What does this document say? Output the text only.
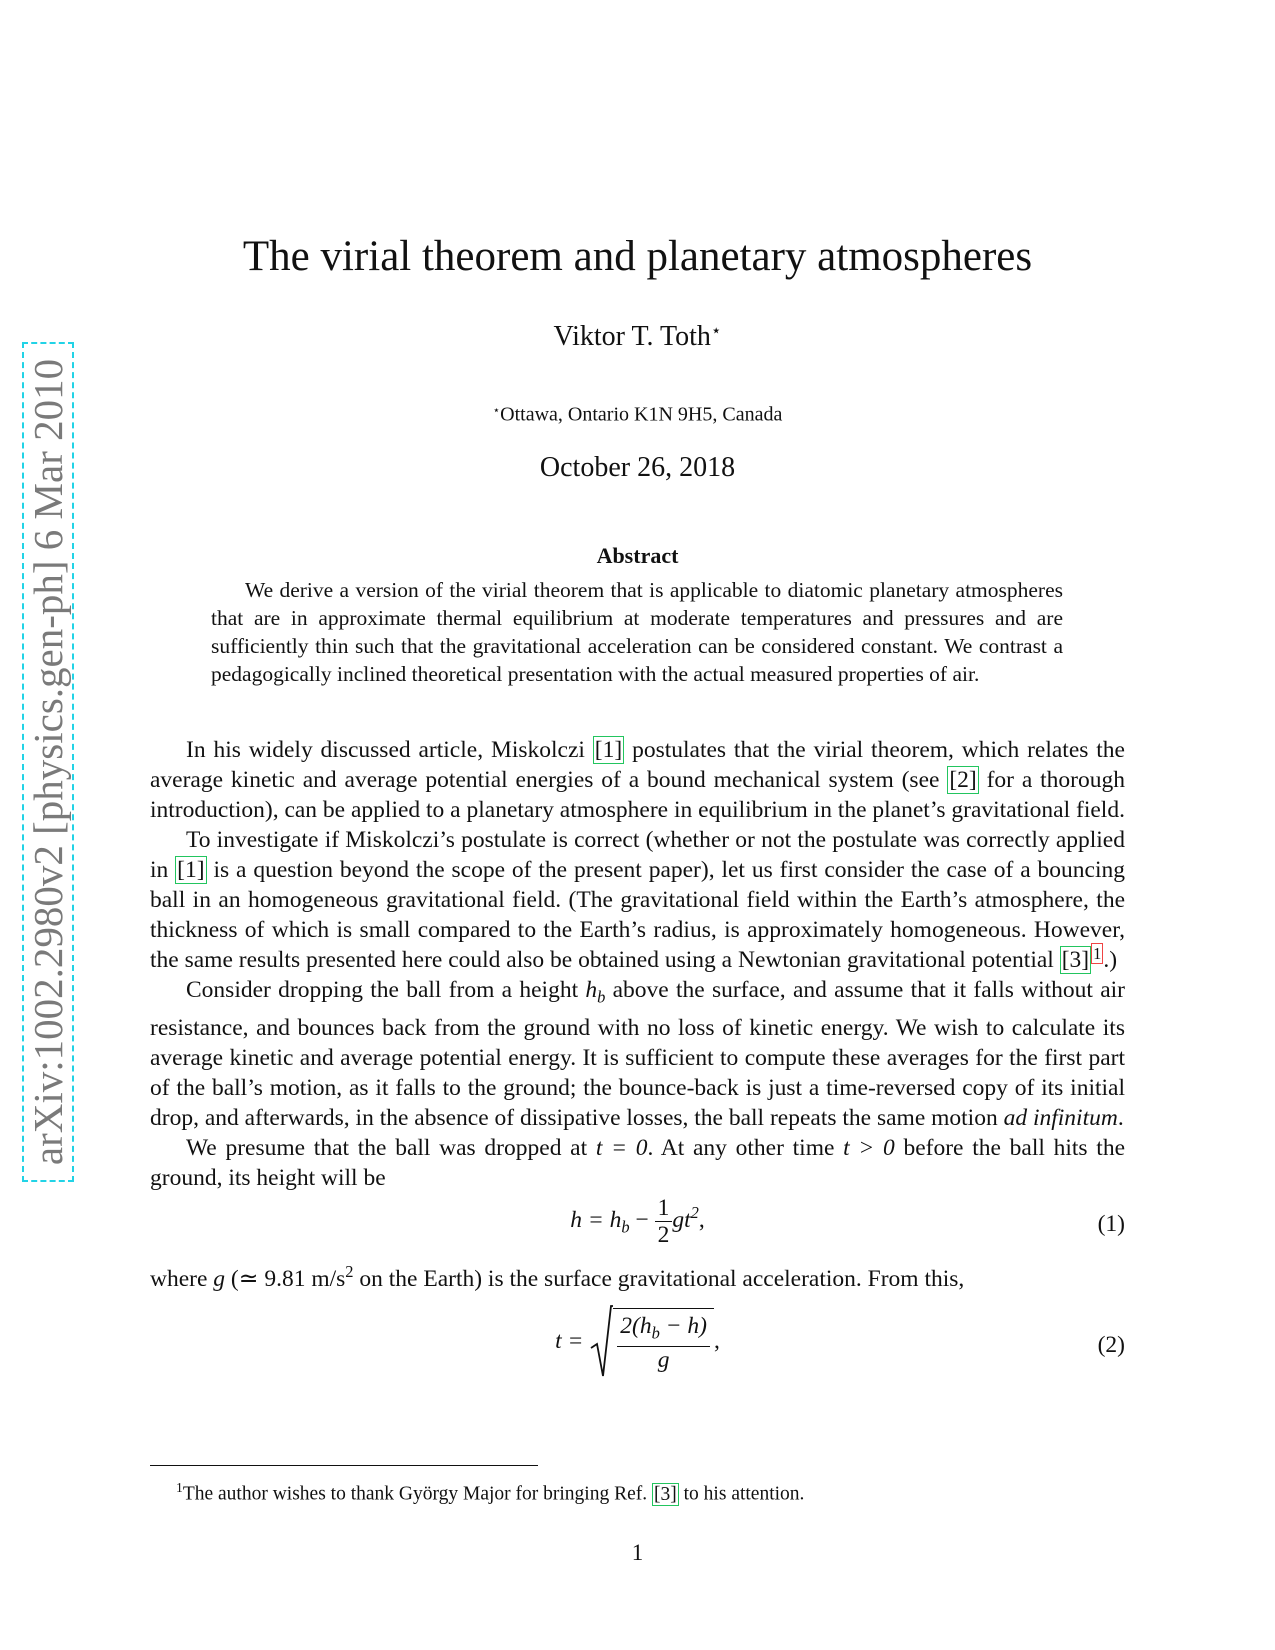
arXiv:1002.2980v2 [physics.gen-ph] 6 Mar 2010
The virial theorem and planetary atmospheres
Viktor T. Toth⋆
⋆Ottawa, Ontario K1N 9H5, Canada
October 26, 2018
Abstract

We derive a version of the virial theorem that is applicable to diatomic planetary atmospheres that are in approximate thermal equilibrium at moderate temperatures and pressures and are sufficiently thin such that the gravitational acceleration can be considered constant. We contrast a pedagogically inclined theoretical presentation with the actual measured properties of air.

In his widely discussed article, Miskolczi [1] postulates that the virial theorem, which relates the average kinetic and average potential energies of a bound mechanical system (see [2] for a thorough introduction), can be applied to a planetary atmosphere in equilibrium in the planet’s gravitational field.

To investigate if Miskolczi’s postulate is correct (whether or not the postulate was correctly applied in [1] is a question beyond the scope of the present paper), let us first consider the case of a bouncing ball in an homogeneous gravitational field. (The gravitational field within the Earth’s atmosphere, the thickness of which is small compared to the Earth’s radius, is approximately homogeneous. However, the same results presented here could also be obtained using a Newtonian gravitational potential [3] $^1$.)

Consider dropping the ball from a height $h_b$ above the surface, and assume that it falls without air resistance, and bounces back from the ground with no loss of kinetic energy. We wish to calculate its average kinetic and average potential energy. It is sufficient to compute these averages for the first part of the ball’s motion, as it falls to the ground; the bounce-back is just a time-reversed copy of its initial drop, and afterwards, in the absence of dissipative losses, the ball repeats the same motion ad infinitum.

We presume that the ball was dropped at t = 0. At any other time t > 0 before the ball hits the ground, its height will be

$h = h_b - \frac{1}{2} gt^2$,	(1)

where g (≃ 9.81 $m/s^2$ on the Earth) is the surface gravitational acceleration. From this,

$t = \frac{2(h_b - h)}{g}$ ,	(2)

$^1$The author wishes to thank György Major for bringing Ref. [3] to his attention.

1
